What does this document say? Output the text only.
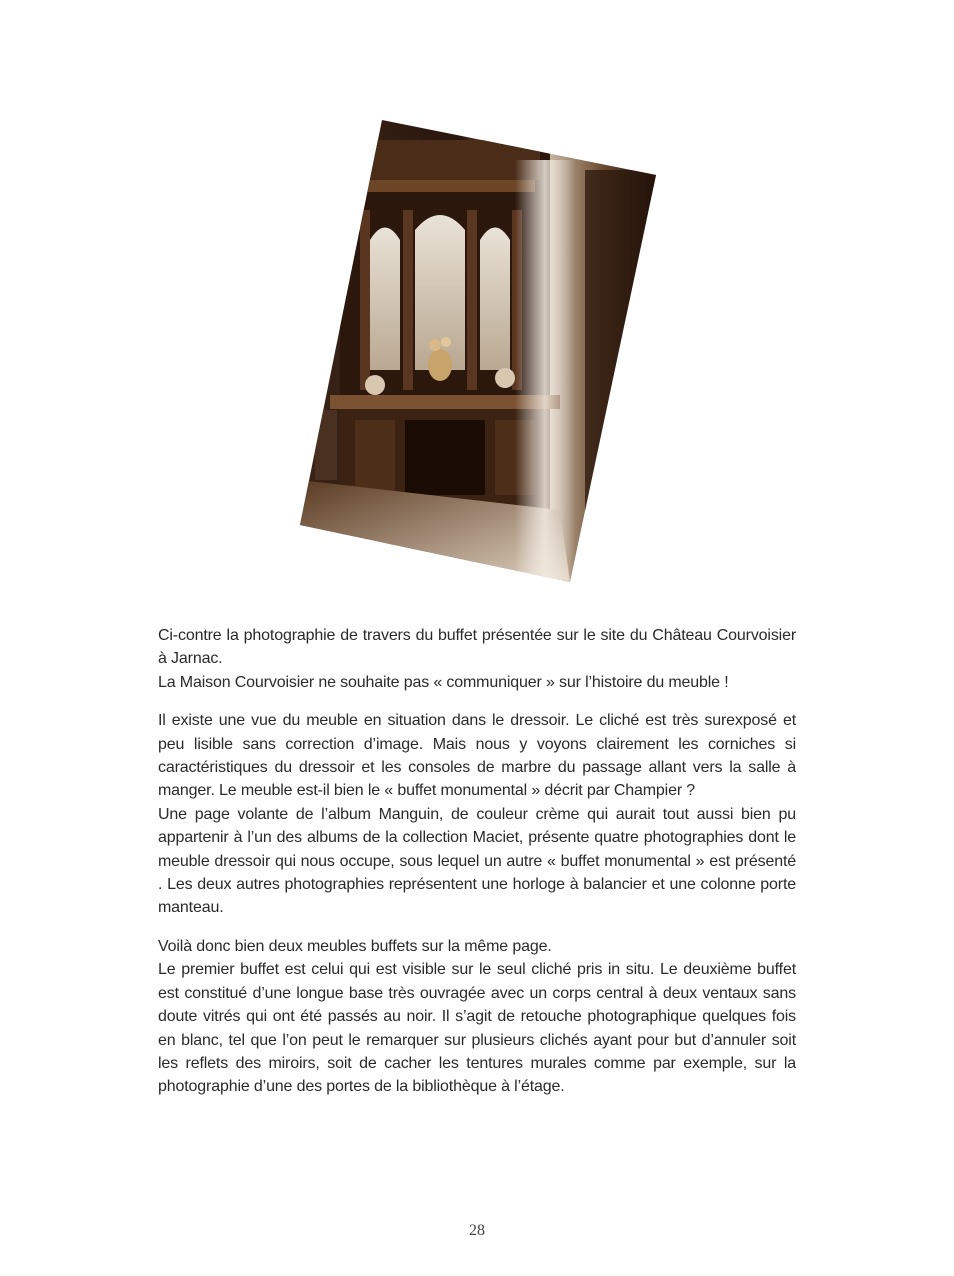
Ci-contre la photographie de travers du buffet présentée sur le site du Château Courvoisier à Jarnac.
La Maison Courvoisier ne souhaite pas « communiquer » sur l’histoire du meuble !

Il existe une vue du meuble en situation dans le dressoir. Le cliché est très surexposé et peu lisible sans correction d’image. Mais nous y voyons clairement les corniches si caractéristiques du dressoir et les consoles de marbre du passage allant vers la salle à manger. Le meuble est-il bien le « buffet monumental » décrit par Champier ?
Une page volante de l’album Manguin, de couleur crème qui aurait tout aussi bien pu appartenir à l’un des albums de la collection Maciet, présente quatre photographies dont le meuble dressoir qui nous occupe, sous lequel un autre « buffet monumental » est présenté . Les deux autres photographies représentent une horloge à balancier et une colonne porte manteau.

Voilà donc bien deux meubles buffets sur la même page.
Le premier buffet est celui qui est visible sur le seul cliché pris in situ. Le deuxième buffet est constitué d’une longue base très ouvragée avec un corps central à deux ventaux sans doute vitrés qui ont été passés au noir. Il s’agit de retouche photographique quelques fois en blanc, tel que l’on peut le remarquer sur plusieurs clichés ayant pour but d’annuler soit les reflets des miroirs, soit de cacher les tentures murales comme par exemple, sur la photographie d’une des portes de la bibliothèque à l’étage.

28
